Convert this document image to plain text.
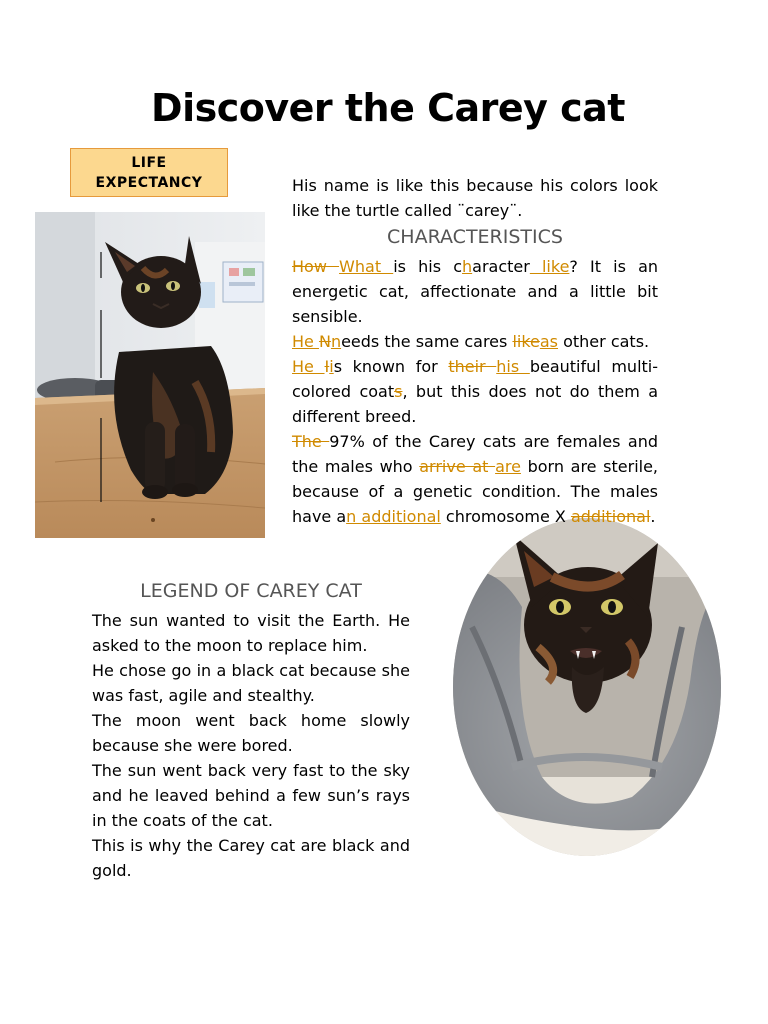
Discover the Carey cat
LIFE
EXPECTANCY	His name is like this because his colors look like the turtle called ¨carey¨.
CHARACTERISTICS

How What is his character like? It is an energetic cat, affectionate and a little bit sensible.

He Nneeds the same cares likeas other cats.

He Iis known for their his beautiful multi-colored coats, but this does not do them a different breed.

The 97% of the Carey cats are females and the males who arrive at are born are sterile, because of a genetic condition. The males have an additional chromosome X additional.

LEGEND OF CAREY CAT

The sun wanted to visit the Earth. He asked to the moon to replace him.

He chose go in a black cat because she was fast, agile and stealthy.

The moon went back home slowly because she were bored.

The sun went back very fast to the sky and he leaved behind a few sun’s rays in the coats of the cat.

This is why the Carey cat are black and gold.
